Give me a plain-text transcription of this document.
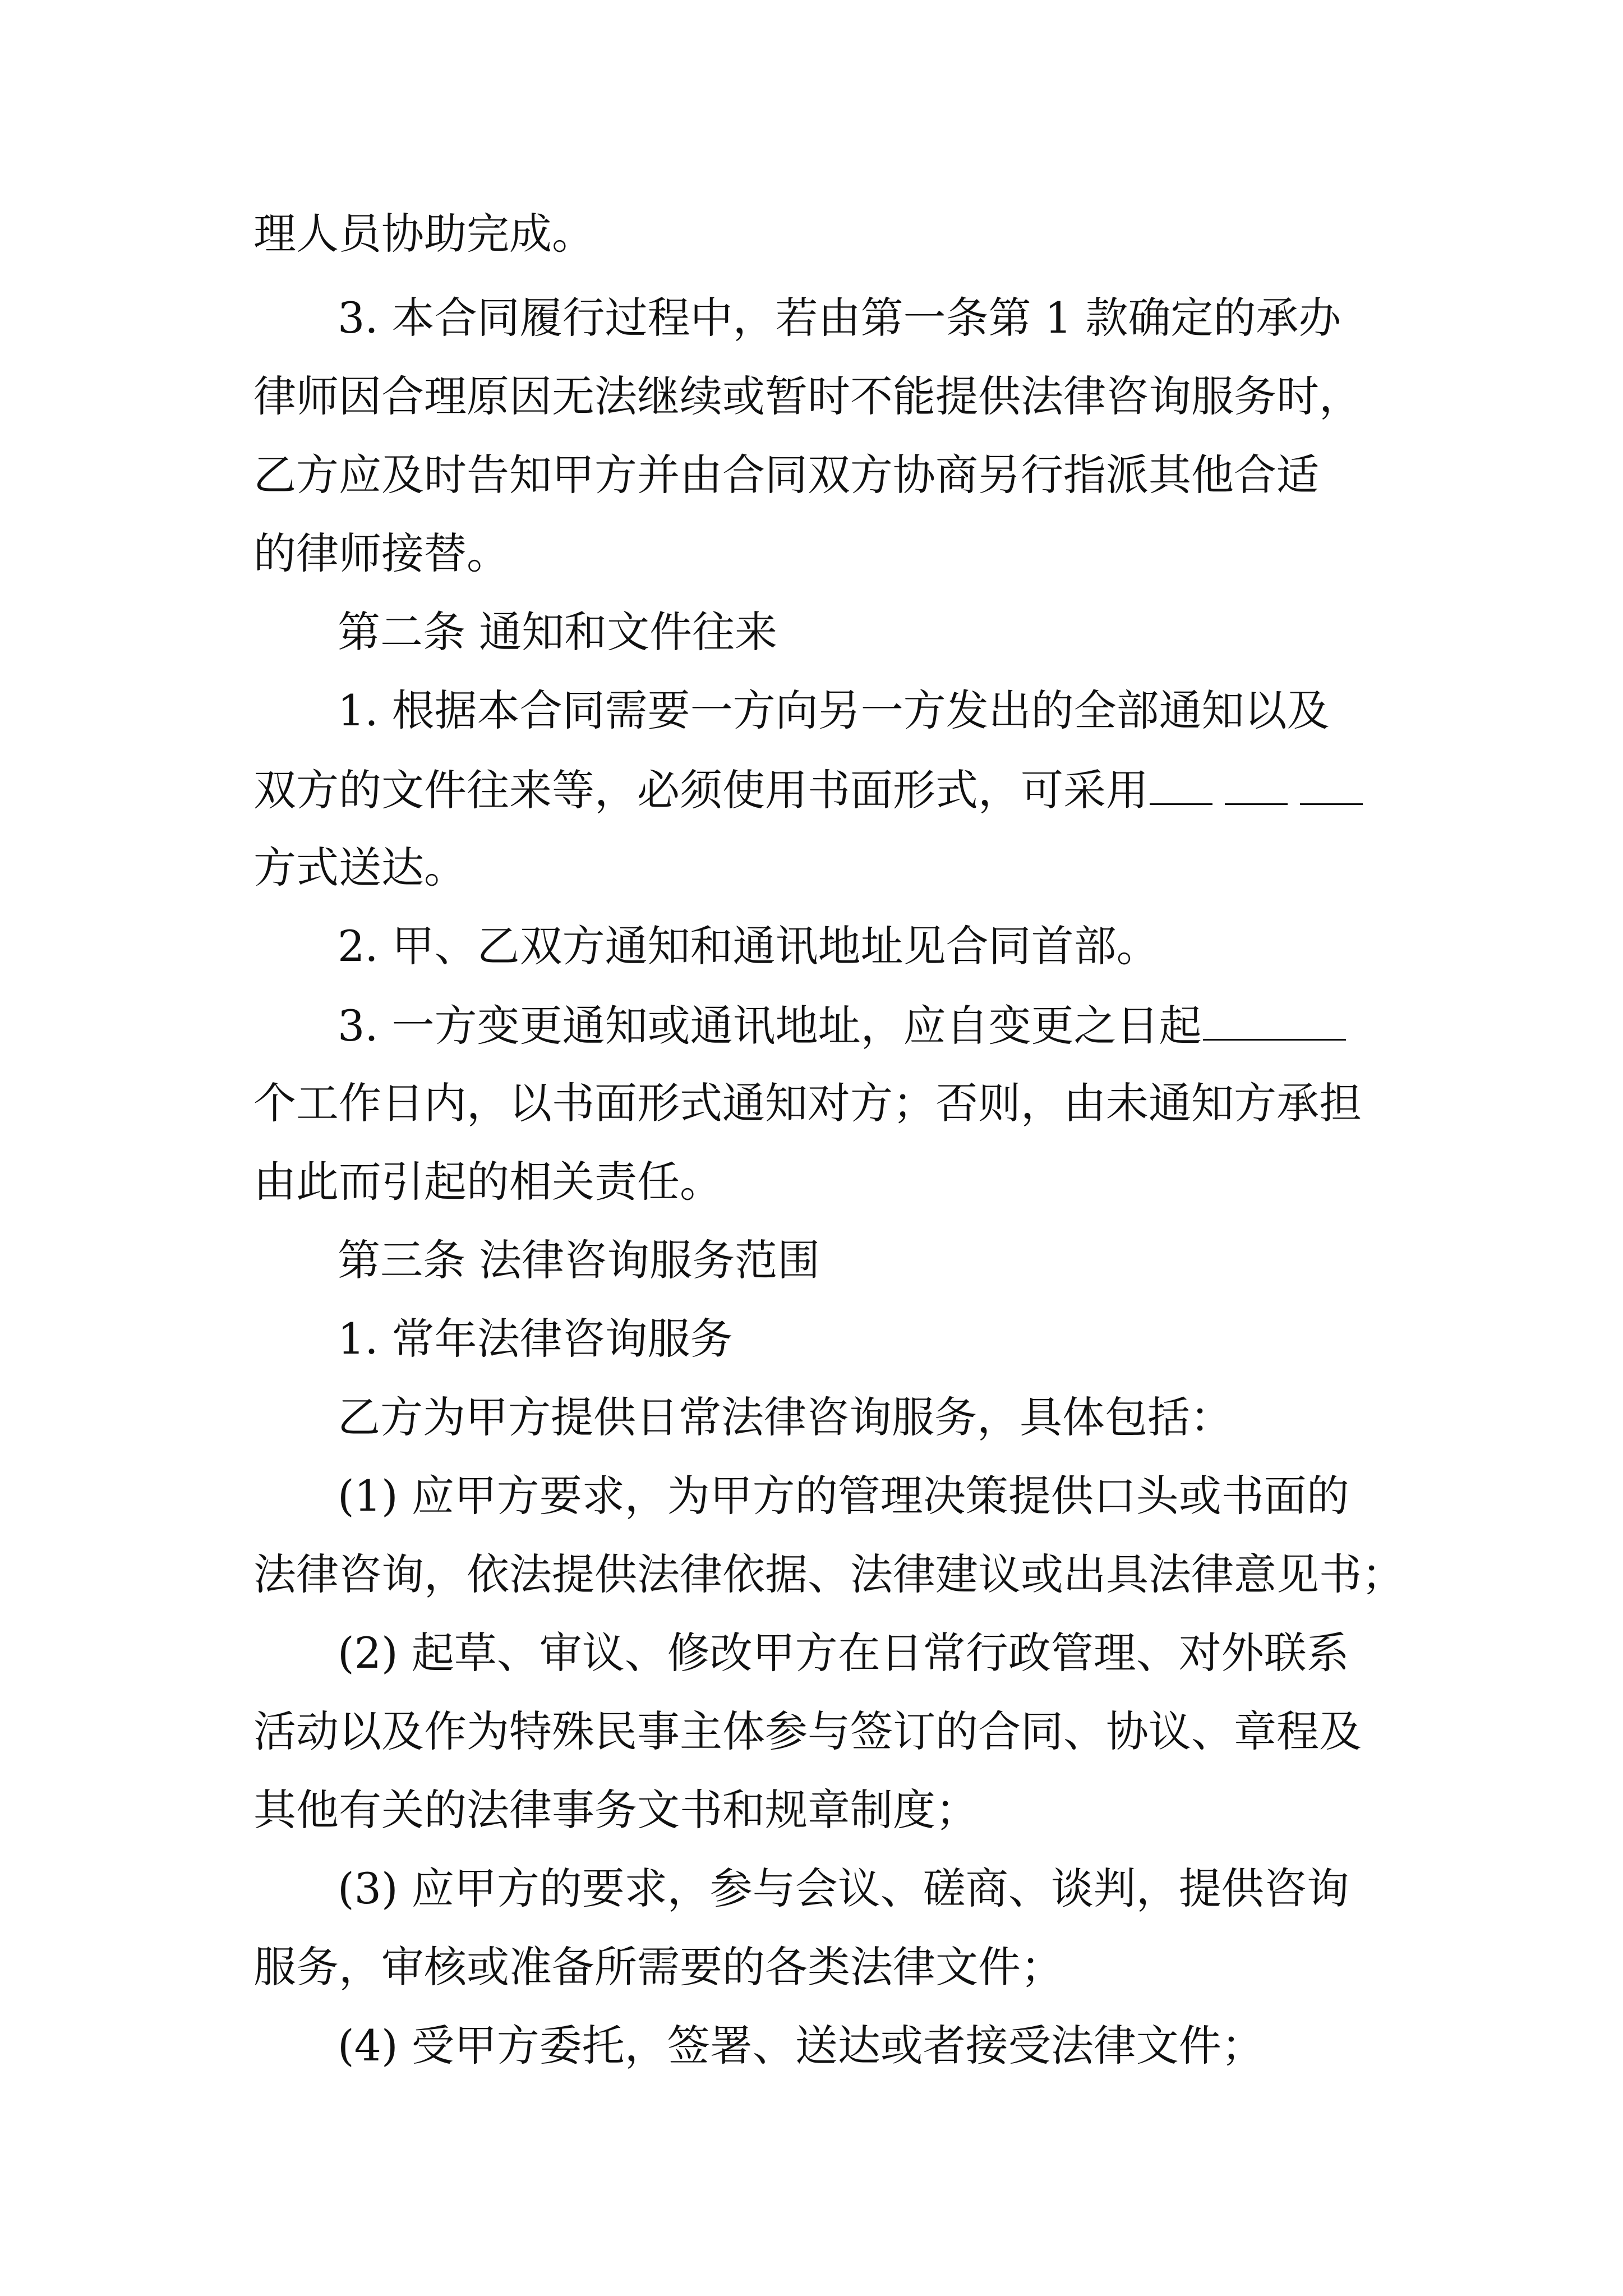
理人员协助完成。
3. 本合同履行过程中，若由第一条第 1 款确定的承办
律师因合理原因无法继续或暂时不能提供法律咨询服务时，
乙方应及时告知甲方并由合同双方协商另行指派其他合适
的律师接替。
第二条 通知和文件往来
1. 根据本合同需要一方向另一方发出的全部通知以及
双方的文件往来等，必须使用书面形式，可采用
方式送达。
2. 甲、乙双方通知和通讯地址见合同首部。
3. 一方变更通知或通讯地址，应自变更之日起
个工作日内，以书面形式通知对方；否则，由未通知方承担
由此而引起的相关责任。
第三条 法律咨询服务范围
1. 常年法律咨询服务
乙方为甲方提供日常法律咨询服务，具体包括：
(1) 应甲方要求，为甲方的管理决策提供口头或书面的
法律咨询，依法提供法律依据、法律建议或出具法律意见书；
(2) 起草、审议、修改甲方在日常行政管理、对外联系
活动以及作为特殊民事主体参与签订的合同、协议、章程及
其他有关的法律事务文书和规章制度；
(3) 应甲方的要求，参与会议、磋商、谈判，提供咨询
服务，审核或准备所需要的各类法律文件；
(4) 受甲方委托，签署、送达或者接受法律文件；
